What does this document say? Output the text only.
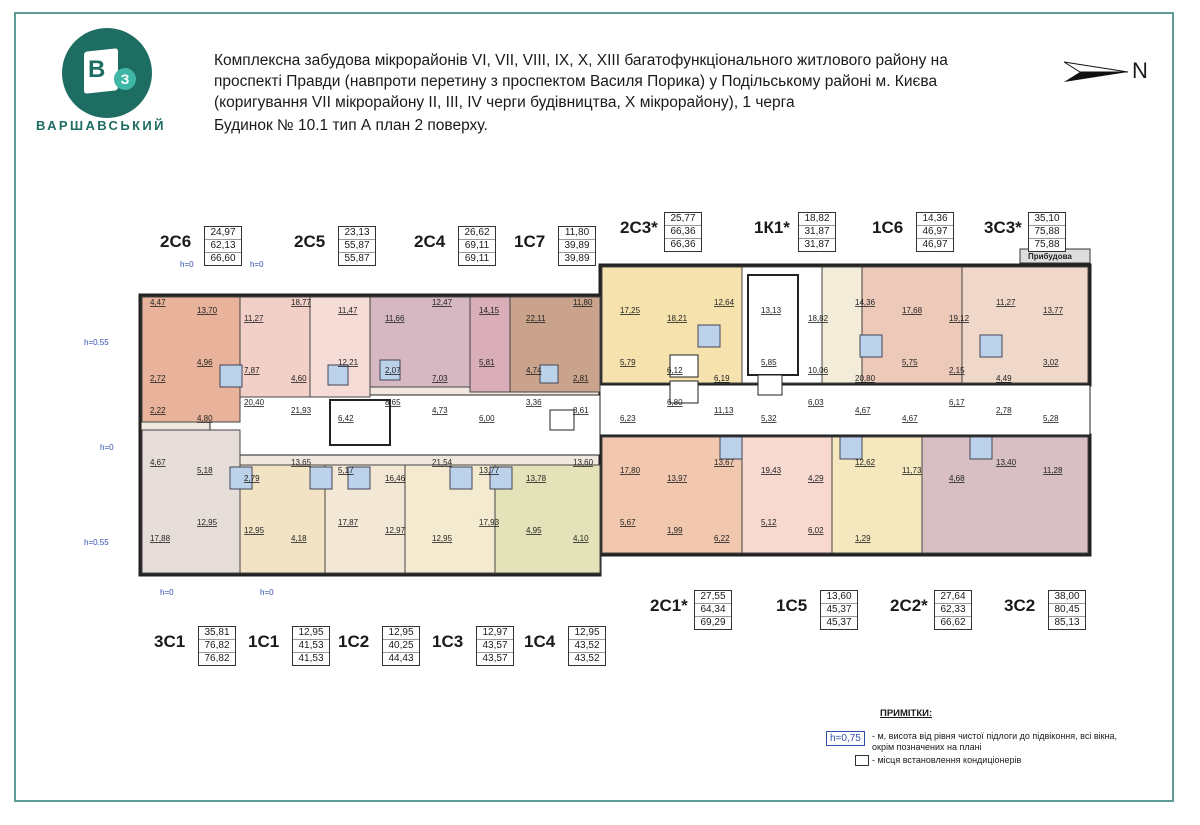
В	З
ВАРШАВСЬКИЙ
Комплексна забудова мікрорайонів VI, VII, VIII, IX, X, XIII багатофункціонального житлового району на
проспекті Правди (навпроти перетину з проспектом Василя Порика) у Подільському районі м. Києва
(коригування VII мікрорайону II, III, IV черги будівництва, X мікрорайону), 1 черга
Будинок № 10.1 тип А план 2 поверху.
N
4,47
13,70
11,27
18,77
11,47
11,66
12,47
14,15
22,11
11,80
17,25
18,21
12,64
13,13
18,82
14,36
17,68
19,12
11,27
13,77
2,72
4,96
7,87
4,60
12,21
2,07
7,03
5,81
4,74
2,81
5,79
6,12
6,19
5,85
10,06
20,80
5,75
2,15
4,49
3,02
2,22
4,80
20,40
21,93
6,42
8,65
4,73
6,00
3,36
8,61
6,23
6,80
11,13
5,32
6,03
4,67
4,67
6,17
2,78
5,28
4,67
5,18
2,79
13,65
5,17
16,46
21,54
13,77
13,78
13,60
17,80
13,97
13,67
19,43
4,29
12,62
11,73
4,68
13,40
11,28
17,88
12,95
12,95
4,18
17,87
12,97
12,95
17,93
4,95
4,10
5,67
1,99
6,22
5,12
6,02
1,29
h=0	h=0
h=0.55
h=0
h=0.55
h=0	h=0
Прибудова
2С6	24,97
62,13
66,60
2С5	23,13
55,87
55,87
2С4	26,62
69,11
69,11
1С7	11,80
39,89
39,89
2С3*	25,77
66,36
66,36
1К1*	18,82
31,87
31,87
1С6	14,36
46,97
46,97
3С3*	35,10
75,88
75,88
3С1	35,81
76,82
76,82
1С1	12,95
41,53
41,53
1С2	12,95
40,25
44,43
1С3	12,97
43,57
43,57
1С4	12,95
43,52
43,52
2С1*	27,55
64,34
69,29
1С5	13,60
45,37
45,37
2С2*	27,64
62,33
66,62
3С2	38,00
80,45
85,13
ПРИМІТКИ:
h=0,75	- м, висота від рівня чистої підлоги до підвіконня, всі вікна, окрім позначених на плані
- місця встановлення кондиціонерів
